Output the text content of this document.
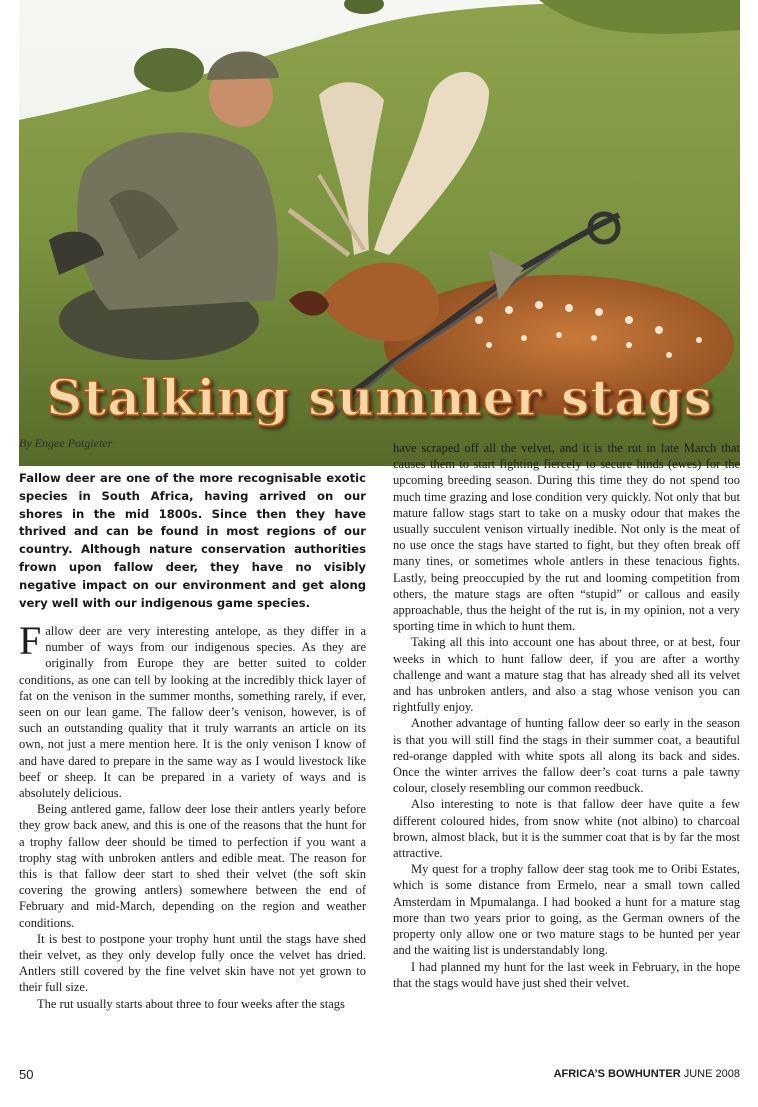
Stalking summer stags
By Engee Potgieter
Fallow deer are one of the more recognisable exotic species in South Africa, having arrived on our shores in the mid 1800s. Since then they have thrived and can be found in most regions of our country. Although nature conservation authorities frown upon fallow deer, they have no visibly negative impact on our environment and get along very well with our indigenous game species.

Fallow deer are very interesting antelope, as they differ in a number of ways from our indigenous species. As they are originally from Europe they are better suited to colder conditions, as one can tell by looking at the incredibly thick layer of fat on the venison in the summer months, something rarely, if ever, seen on our lean game. The fallow deer’s venison, however, is of such an outstanding quality that it truly warrants an article on its own, not just a mere mention here. It is the only venison I know of and have dared to prepare in the same way as I would livestock like beef or sheep. It can be prepared in a variety of ways and is absolutely delicious.

Being antlered game, fallow deer lose their antlers yearly before they grow back anew, and this is one of the reasons that the hunt for a trophy fallow deer should be timed to perfection if you want a trophy stag with unbroken antlers and edible meat. The reason for this is that fallow deer start to shed their velvet (the soft skin covering the growing antlers) somewhere between the end of February and mid-March, depending on the region and weather conditions.

It is best to postpone your trophy hunt until the stags have shed their velvet, as they only develop fully once the velvet has dried. Antlers still covered by the fine velvet skin have not yet grown to their full size.

The rut usually starts about three to four weeks after the stags

have scraped off all the velvet, and it is the rut in late March that causes them to start fighting fiercely to secure hinds (ewes) for the upcoming breeding season. During this time they do not spend too much time grazing and lose condition very quickly. Not only that but mature fallow stags start to take on a musky odour that makes the usually succulent venison virtually inedible. Not only is the meat of no use once the stags have started to fight, but they often break off many tines, or sometimes whole antlers in these tenacious fights. Lastly, being preoccupied by the rut and looming competition from others, the mature stags are often “stupid” or callous and easily approachable, thus the height of the rut is, in my opinion, not a very sporting time in which to hunt them.

Taking all this into account one has about three, or at best, four weeks in which to hunt fallow deer, if you are after a worthy challenge and want a mature stag that has already shed all its velvet and has unbroken antlers, and also a stag whose venison you can rightfully enjoy.

Another advantage of hunting fallow deer so early in the season is that you will still find the stags in their summer coat, a beautiful red-orange dappled with white spots all along its back and sides. Once the winter arrives the fallow deer’s coat turns a pale tawny colour, closely resembling our common reedbuck.

Also interesting to note is that fallow deer have quite a few different coloured hides, from snow white (not albino) to charcoal brown, almost black, but it is the summer coat that is by far the most attractive.

My quest for a trophy fallow deer stag took me to Oribi Estates, which is some distance from Ermelo, near a small town called Amsterdam in Mpumalanga. I had booked a hunt for a mature stag more than two years prior to going, as the German owners of the property only allow one or two mature stags to be hunted per year and the waiting list is understandably long.

I had planned my hunt for the last week in February, in the hope that the stags would have just shed their velvet.

50	AFRICA’S BOWHUNTER JUNE 2008
